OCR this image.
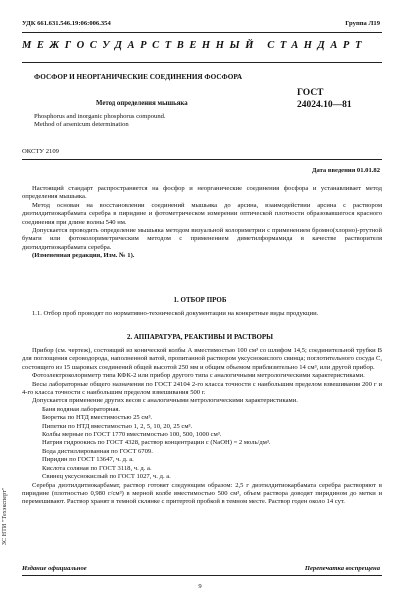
УДК 661.631.546.19:06:006.354	Группа Л19
МЕЖГОСУДАРСТВЕННЫЙ СТАНДАРТ
ФОСФОР И НЕОРГАНИЧЕСКИЕ СОЕДИНЕНИЯ ФОСФОРА
Метод определения мышьяка
Phosphorus and inorganic phosphorus compound.
Method of arsenicum determination
ГОСТ
24024.10—81
ОКСТУ 2109
Дата введения 01.01.82

Настоящий стандарт распространяется на фосфор и неорганические соединения фосфора и устанавливает метод определения мышьяка.

Метод основан на восстановлении соединений мышьяка до арсина, взаимодействии арсина с раствором диэтилдитиокарбамата серебра в пиридине и фотометрическом измерении оптической плотности образовавшегося красного соединения при длине волны 540 нм.

Допускается проводить определение мышьяка методом визуальной колориметрии с применением бромно(хлорно)-ртутной бумаги или фотоколориметрическим методом с применением диметилформамида в качестве растворителя диэтилдитиокарбамата серебра.

(Измененная редакция, Изм. № 1).

1. ОТБОР ПРОБ

1.1. Отбор проб проводят по нормативно-технической документации на конкретные виды продукции.

2. АППАРАТУРА, РЕАКТИВЫ И РАСТВОРЫ

Прибор (см. чертеж), состоящий из конической колбы А вместимостью 100 см³ со шлифом 14,5; соединительной трубки В для поглощения сероводорода, наполненной ватой, пропитанной раствором уксуснокислого свинца; поглотительного сосуда С, состоящего из 15 шаровых соединений общей высотой 250 мм и общим объемом приблизительно 14 см³, или другой прибор.

Фотоэлектроколориметр типа КФК-2 или прибор другого типа с аналогичными метрологическими характеристиками.

Весы лабораторные общего назначения по ГОСТ 24104 2-го класса точности с наибольшим пределом взвешивания 200 г и 4-го класса точности с наибольшим пределом взвешивания 500 г.

Допускается применение других весов с аналогичными метрологическими характеристиками.

Баня водяная лабораторная.

Бюретка по НТД вместимостью 25 см³.

Пипетки по НТД вместимостью 1, 2, 5, 10, 20, 25 см³.

Колбы мерные по ГОСТ 1770 вместимостью 100, 500, 1000 см³.

Натрия гидроокись по ГОСТ 4328, раствор концентрации с (NaOH) = 2 моль/дм³.

Вода дистиллированная по ГОСТ 6709.

Пиридин по ГОСТ 13647, ч. д. а.

Кислота соляная по ГОСТ 3118, ч. д. а.

Свинец уксуснокислый по ГОСТ 1027, ч. д. а.

Серебра диэтилдитиокарбамат, раствор готовят следующим образом: 2,5 г диэтилдитиокарбамата серебра растворяют в пиридине (плотностью 0,980 г/см³) в мерной колбе вместимостью 500 см³, объем раствора доводят пиридином до метки и перемешивают. Раствор хранят в темной склянке с притертой пробкой в темном месте. Раствор годен около 14 сут.

ЗС НТИ "Техэксперт"
Издание официальное	Перепечатка воспрещена
9
